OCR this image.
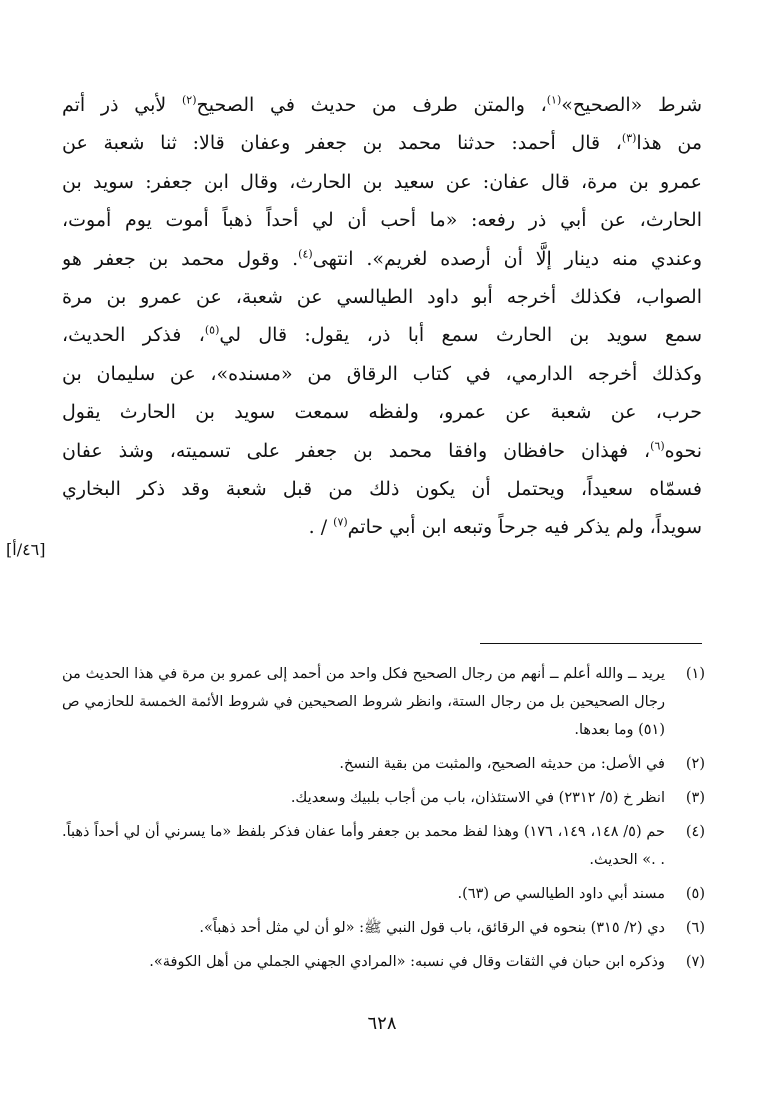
شرط «الصحيح»$^{(١)}$، والمتن طرف من حديث في الصحيح$^{(٢)}$ لأبي ذر أتم
من هذا$^{(٣)}$، قال أحمد: حدثنا محمد بن جعفر وعفان قالا: ثنا شعبة عن
عمرو بن مرة، قال عفان: عن سعيد بن الحارث، وقال ابن جعفر: سويد بن
الحارث، عن أبي ذر رفعه: «ما أحب أن لي أحداً ذهباً أموت يوم أموت،
وعندي منه دينار إلَّا أن أرصده لغريم». انتهى$^{(٤)}$. وقول محمد بن جعفر هو
الصواب، فكذلك أخرجه أبو داود الطيالسي عن شعبة، عن عمرو بن مرة
سمع سويد بن الحارث سمع أبا ذر، يقول: قال لي$^{(٥)}$، فذكر الحديث،
وكذلك أخرجه الدارمي، في كتاب الرقاق من «مسنده»، عن سليمان بن
حرب، عن شعبة عن عمرو، ولفظه سمعت سويد بن الحارث يقول
نحوه$^{(٦)}$، فهذان حافظان وافقا محمد بن جعفر على تسميته، وشذ عفان
فسمّاه سعيداً، ويحتمل أن يكون ذلك من قبل شعبة وقد ذكر البخاري
سويداً، ولم يذكر فيه جرحاً وتبعه ابن أبي حاتم$^{(٧)}$ / .
[٤٦/أ]
(١)
يريد ــ والله أعلم ــ أنهم من رجال الصحيح فكل واحد من أحمد إلى عمرو بن مرة في هذا الحديث من رجال الصحيحين بل من رجال الستة، وانظر شروط الصحيحين في شروط الأئمة الخمسة للحازمي ص (٥١) وما بعدها.
(٢)
في الأصل: من حديثه الصحيح، والمثبت من بقية النسخ.
(٣)
انظر خ (٥/ ٢٣١٢) في الاستئذان، باب من أجاب بلبيك وسعديك.
(٤)
حم (٥/ ١٤٨، ١٤٩، ١٧٦) وهذا لفظ محمد بن جعفر وأما عفان فذكر بلفظ «ما يسرني أن لي أحداً ذهباً. . .» الحديث.
(٥)
مسند أبي داود الطيالسي ص (٦٣).
(٦)
دي (٢/ ٣١٥) بنحوه في الرقائق، باب قول النبي ﷺ: «لو أن لي مثل أحد ذهباً».
(٧)
وذكره ابن حبان في الثقات وقال في نسبه: «المرادي الجهني الجملي من أهل الكوفة».
٦٢٨
